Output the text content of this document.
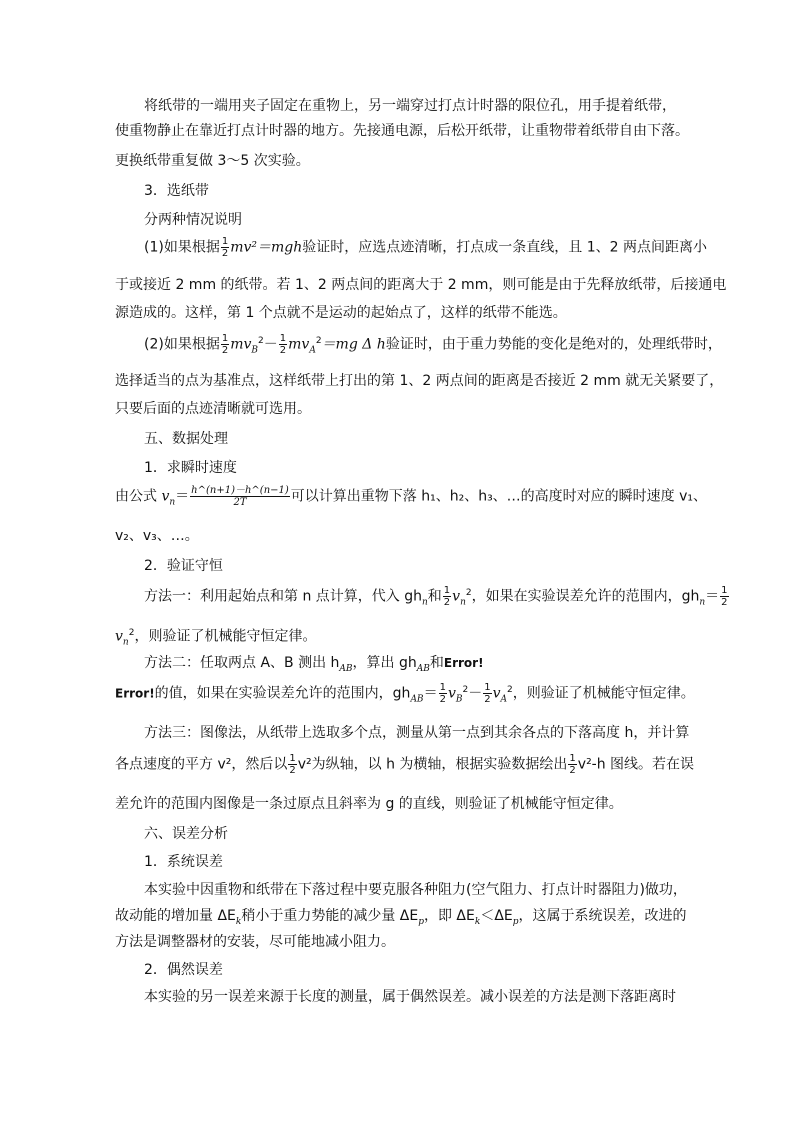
将纸带的一端用夹子固定在重物上，另一端穿过打点计时器的限位孔，用手提着纸带，
使重物静止在靠近打点计时器的地方。先接通电源，后松开纸带，让重物带着纸带自由下落。
更换纸带重复做 3～5 次实验。
3．选纸带
分两种情况说明
(1)如果根据 $\frac{1}{2} mv^2=mgh$验证时，应选点迹清晰，打点成一条直线，且 1、2 两点间距离小
于或接近 2 mm 的纸带。若 1、2 两点间的距离大于 2 mm，则可能是由于先释放纸带，后接通电
源造成的。这样，第 1 个点就不是运动的起始点了，这样的纸带不能选。
(2)如果根据 $\frac{1}{2} mv_B^2- \frac{1}{2} mv_A^2=mg$ Δ h验证时，由于重力势能的变化是绝对的，处理纸带时，
选择适当的点为基准点，这样纸带上打出的第 1、2 两点间的距离是否接近 2 mm 就无关紧要了，
只要后面的点迹清晰就可选用。
五、数据处理
1．求瞬时速度
由公式 $v_n= \frac{h\^{}(n+1)-h\^{}(n-1)}{2T}$ 可以计算出重物下落 h₁、h₂、h₃、…的高度时对应的瞬时速度 v₁、
v₂、v₃、…。
2．验证守恒
方法一：利用起始点和第 n 点计算，代入 $gh_n$和 $\frac{1}{2} v_n^2$，如果在实验误差允许的范围内，$gh_n= \frac{1}{2}$
$v_n^2$，则验证了机械能守恒定律。
方法二：任取两点 A、B 测出 $h_{AB}$，算出 $gh_{AB}$和Error!
Error!的值，如果在实验误差允许的范围内，$gh_{AB}= \frac{1}{2} v_B^2- \frac{1}{2} v_A^2$，则验证了机械能守恒定律。
方法三：图像法，从纸带上选取多个点，测量从第一点到其余各点的下落高度 h，并计算
各点速度的平方 v²，然后以 $\frac{1}{2} v^2$为纵轴，以 h 为横轴，根据实验数据绘出 $\frac{1}{2} v^2-h$ 图线。若在误
差允许的范围内图像是一条过原点且斜率为 g 的直线，则验证了机械能守恒定律。
六、误差分析
1．系统误差
本实验中因重物和纸带在下落过程中要克服各种阻力(空气阻力、打点计时器阻力)做功，
故动能的增加量 $\Delta E_k$稍小于重力势能的减少量 $\Delta E_p$，即 $\Delta E_k<\Delta E_p$，这属于系统误差，改进的
方法是调整器材的安装，尽可能地减小阻力。
2．偶然误差
本实验的另一误差来源于长度的测量，属于偶然误差。减小误差的方法是测下落距离时
